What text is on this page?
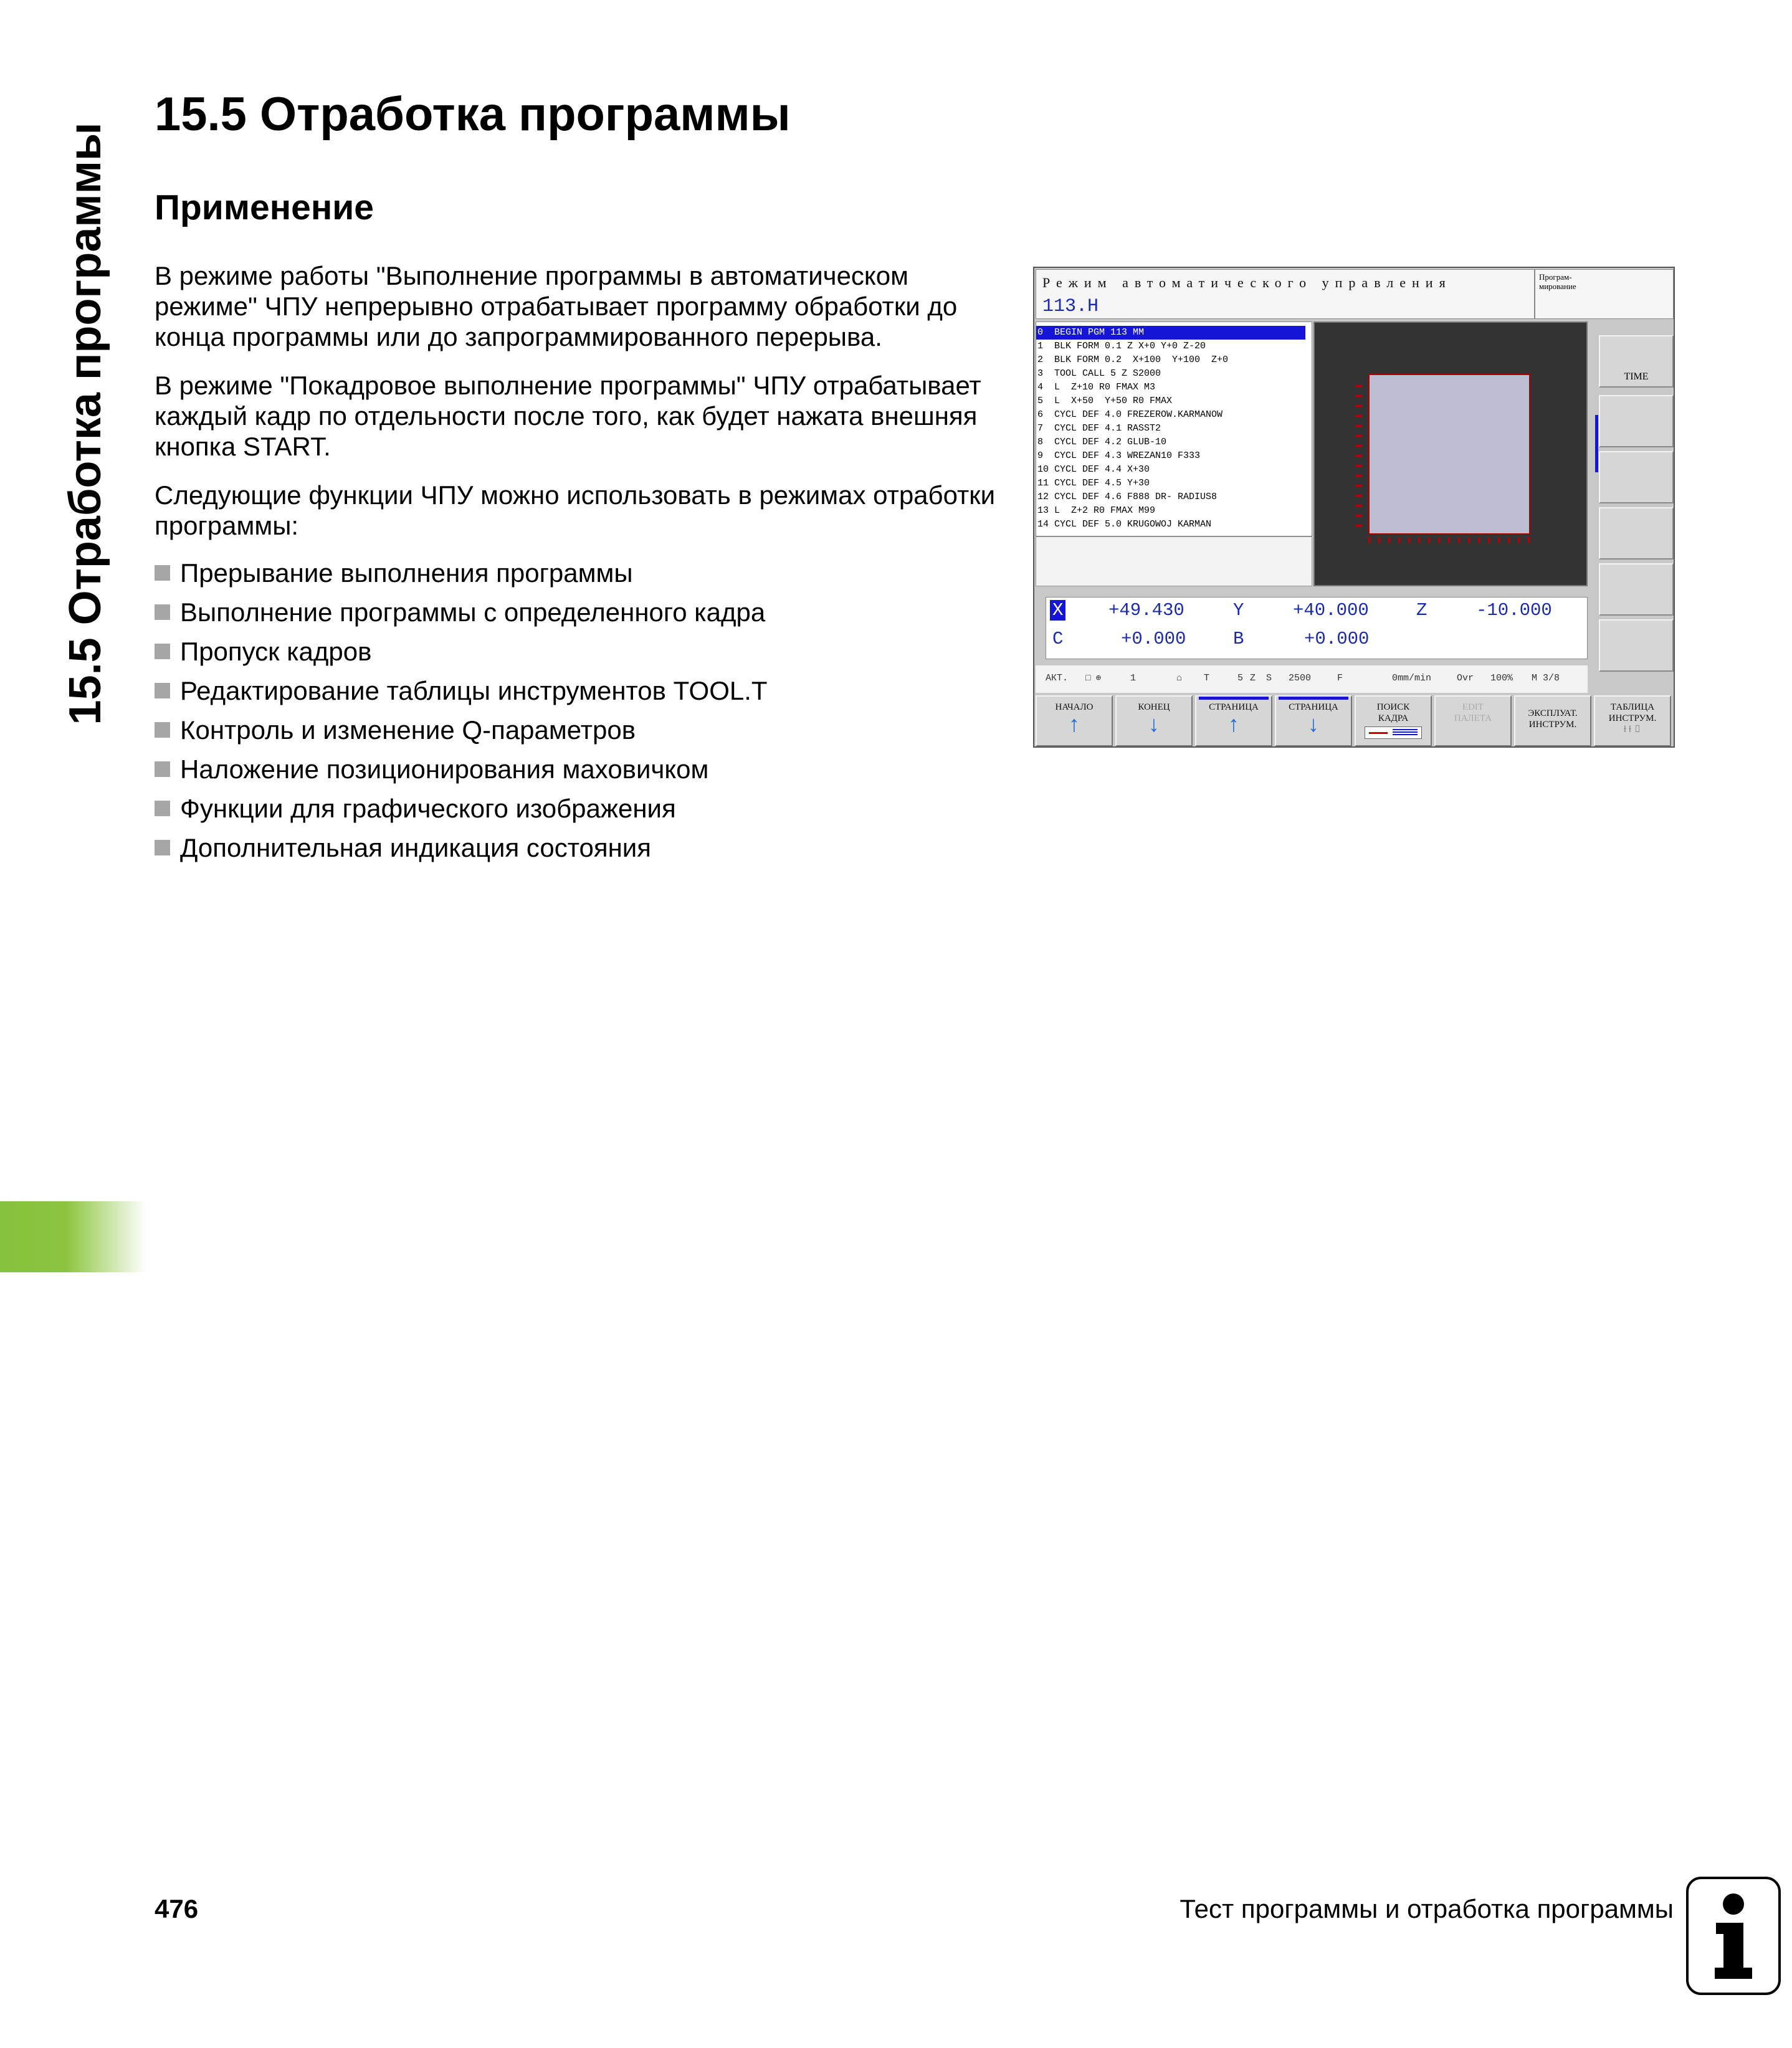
15.5 Отработка программы
15.5 Отработка программы
Применение

В режиме работы "Выполнение программы в автоматическом режиме" ЧПУ непрерывно отрабатывает программу обработки до конца программы или до запрограммированного перерыва.

В режиме "Покадровое выполнение программы" ЧПУ отрабатывает каждый кадр по отдельности после того, как будет нажата внешняя кнопка START.

Следующие функции ЧПУ можно использовать в режимах отработки программы:

Прерывание выполнения программы
Выполнение программы с определенного кадра
Пропуск кадров
Редактирование таблицы инструментов TOOL.T
Контроль и изменение Q-параметров
Наложение позиционирования маховичком
Функции для графического изображения
Дополнительная индикация состояния
Режим автоматического управления
113.H
Програм-
мирование
0  BEGIN PGM 113 MM
1  BLK FORM 0.1 Z X+0 Y+0 Z-20
2  BLK FORM 0.2  X+100  Y+100  Z+0
3  TOOL CALL 5 Z S2000
4  L  Z+10 R0 FMAX M3
5  L  X+50  Y+50 R0 FMAX
6  CYCL DEF 4.0 FREZEROW.KARMANOW
7  CYCL DEF 4.1 RASST2
8  CYCL DEF 4.2 GLUB-10
9  CYCL DEF 4.3 WREZAN10 F333
10 CYCL DEF 4.4 X+30
11 CYCL DEF 4.5 Y+30
12 CYCL DEF 4.6 F888 DR- RADIUS8
13 L  Z+2 R0 FMAX M99
14 CYCL DEF 5.0 KRUGOWOJ KARMAN
TIME
X	+49.430	Y	+40.000	Z	-10.000
C	+0.000	B	+0.000
АКТ. □ ⊕	1	⌂ T	5 Z S 2500	F	0mm/min	Ovr 100% M 3/8
НАЧАЛО
↑
КОНЕЦ
↓
СТРАНИЦА
↑
СТРАНИЦА
↓
ПОИСК
КАДРА
EDIT
ПАЛЕТА	ЭКСПЛУАТ.
ИНСТРУМ.
ТАБЛИЦА
ИНСТРУМ.
⟊ ⟊ ▯
476	Тест программы и отработка программы
